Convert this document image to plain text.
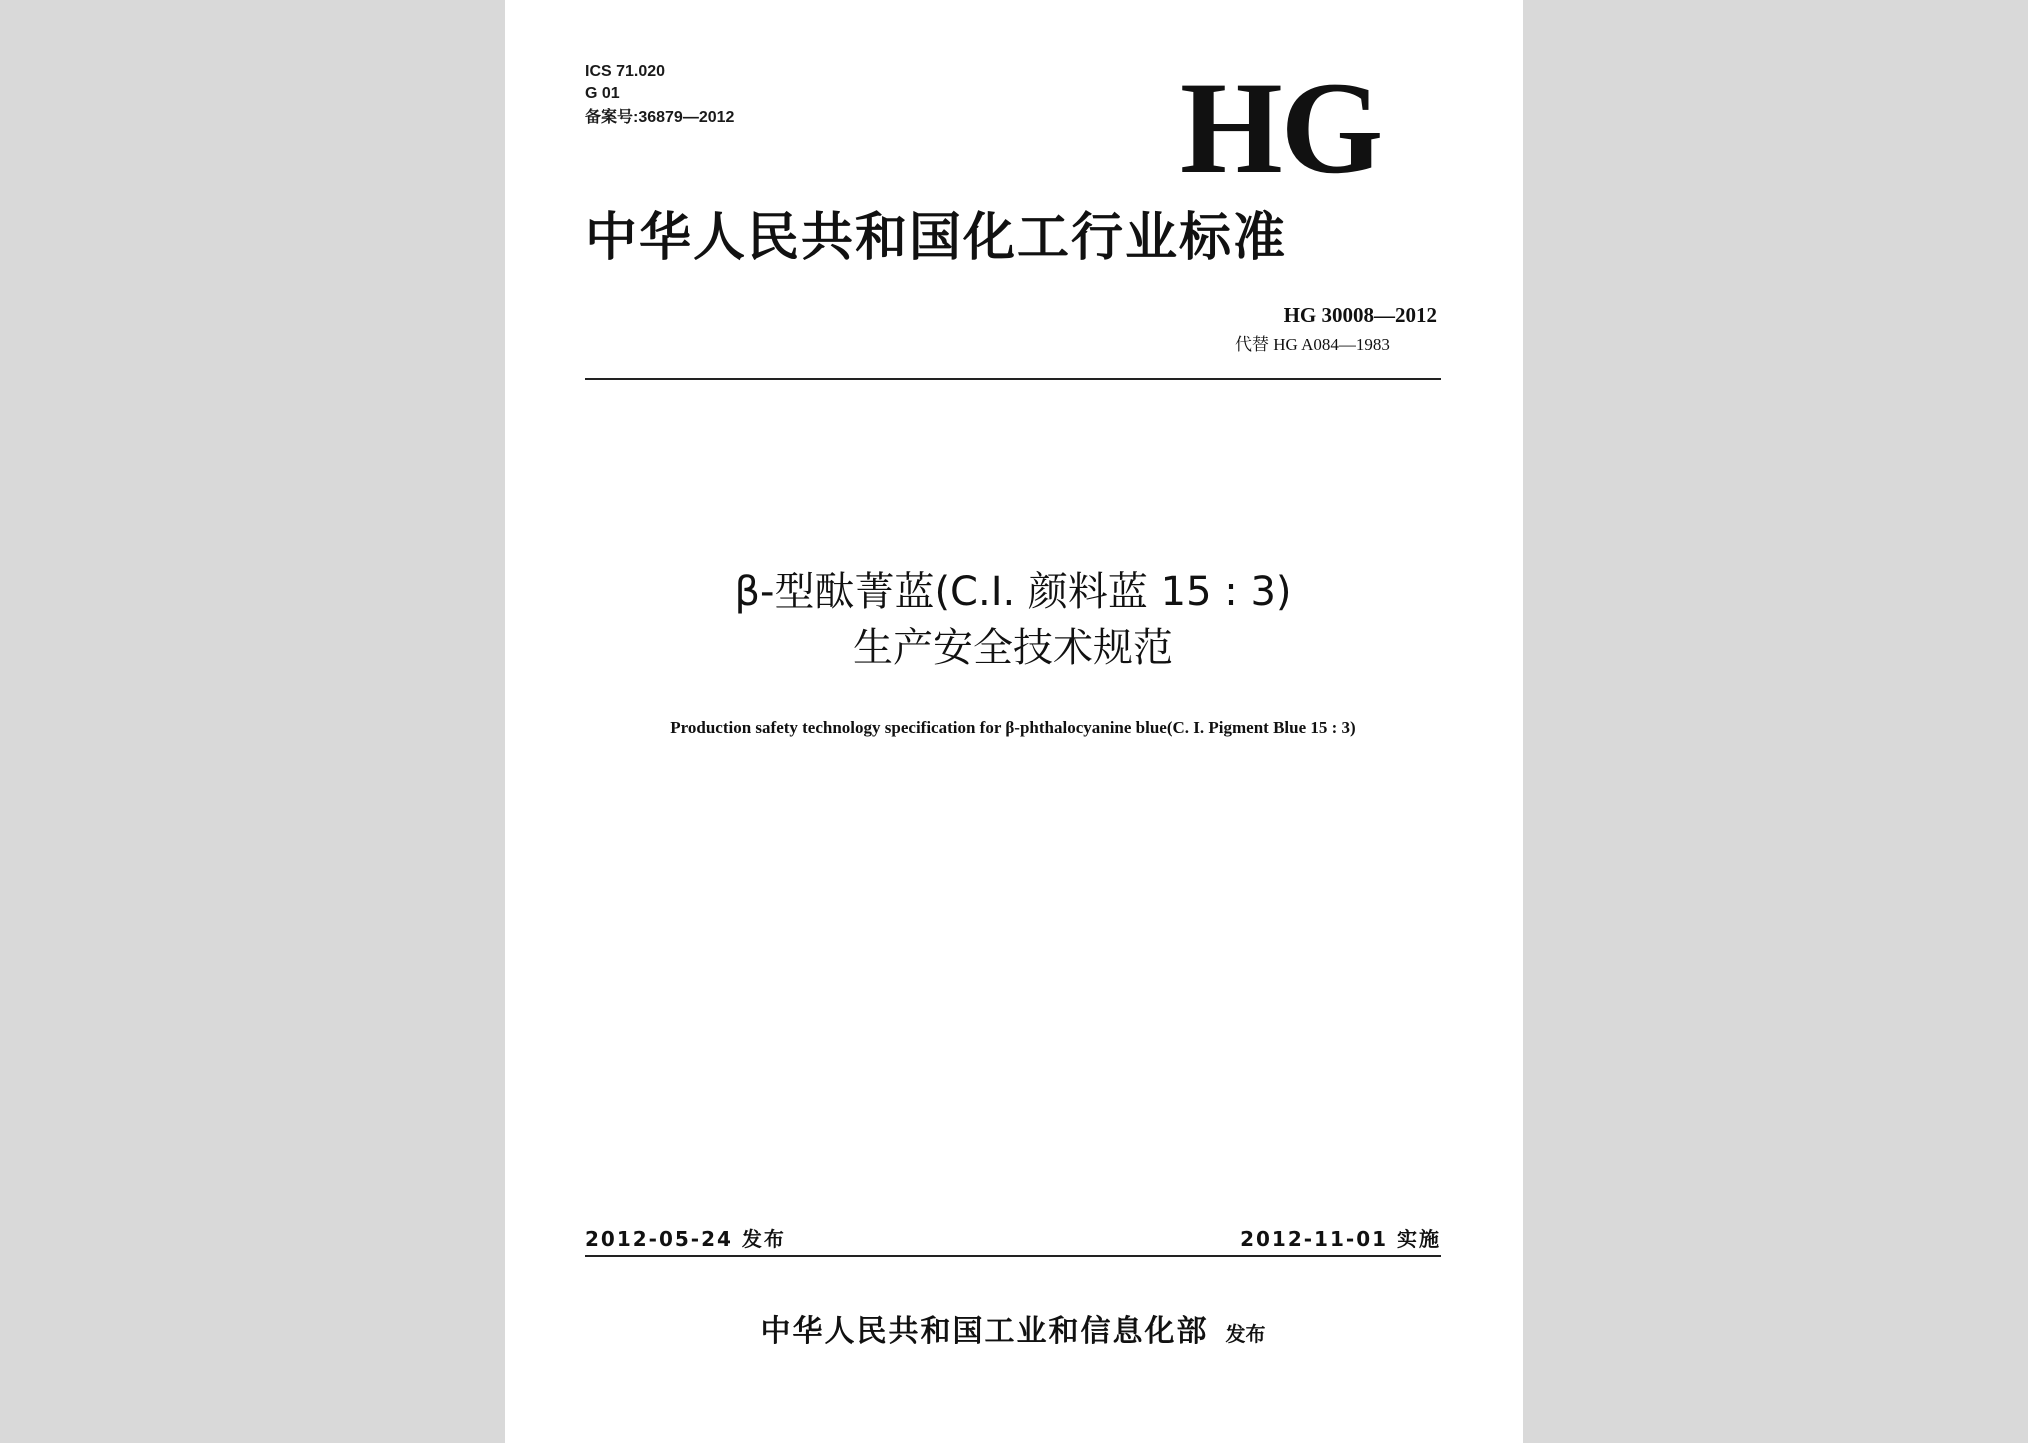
ICS 71.020
G 01
备案号:36879—2012	HG
中华人民共和国化工行业标准
HG 30008—2012
代替 HG A084—1983
β-型酞菁蓝(C.I. 颜料蓝 15 : 3)
生产安全技术规范
Production safety technology specification for β-phthalocyanine blue(C. I. Pigment Blue 15 : 3)
2012-05-24 发布	2012-11-01 实施
中华人民共和国工业和信息化部 发布
